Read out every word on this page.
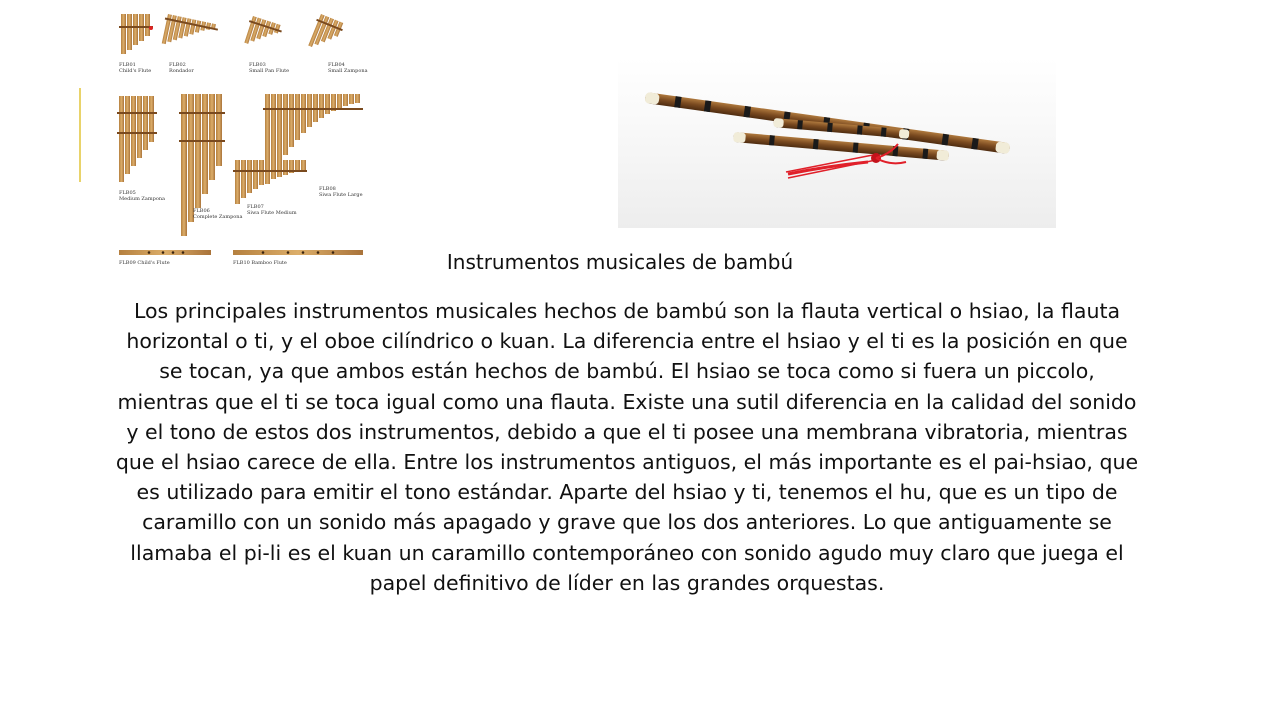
FLB01
Child's Flute
FLB02
Rondador
FLB03
Small Pan Flute
FLB04
Small Zampona
FLB05
Medium Zampona
FLB06
Complete Zampona
FLB07
Siwa Flute Medium
FLB08
Siwa Flute Large
FLB09 Child's Flute	FLB10 Bamboo Flute	Instrumentos musicales de bambú

Los principales instrumentos musicales hechos de bambú son la flauta vertical o hsiao, la flauta horizontal o ti, y el oboe cilíndrico o kuan. La diferencia entre el hsiao y el ti es la posición en que se tocan, ya que ambos están hechos de bambú. El hsiao se toca como si fuera un piccolo, mientras que el ti se toca igual como una flauta. Existe una sutil diferencia en la calidad del sonido y el tono de estos dos instrumentos, debido a que el ti posee una membrana vibratoria, mientras que el hsiao carece de ella. Entre los instrumentos antiguos, el más importante es el pai-hsiao, que es utilizado para emitir el tono estándar. Aparte del hsiao y ti, tenemos el hu, que es un tipo de caramillo con un sonido más apagado y grave que los dos anteriores. Lo que antiguamente se llamaba el pi-li es el kuan un caramillo contemporáneo con sonido agudo muy claro que juega el papel definitivo de líder en las grandes orquestas.
